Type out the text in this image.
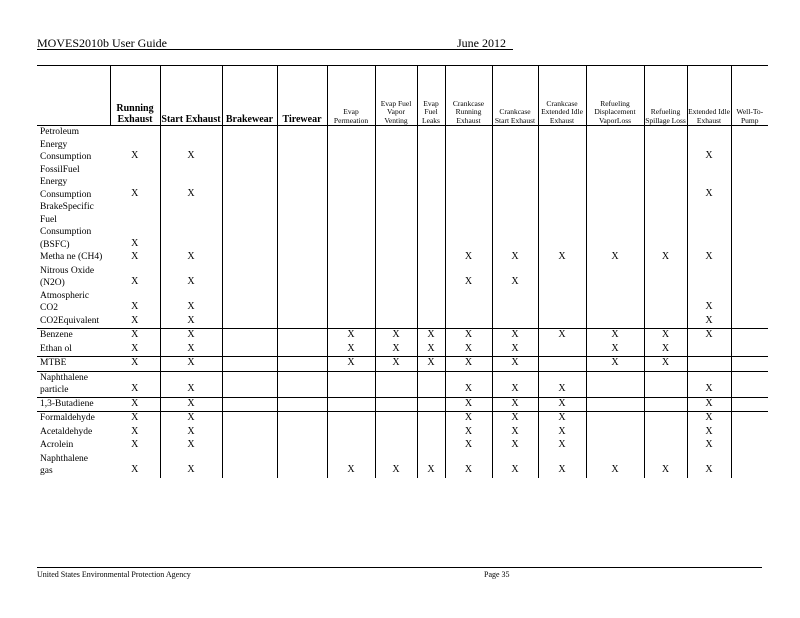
MOVES2010b User Guide	June 2012
	Running Exhaust	Start Exhaust	Brakewear	Tirewear	Evap Permeation	Evap Fuel Vapor Venting	Evap Fuel Leaks	Crankcase Running Exhaust	Crankcase Start Exhaust	Crankcase Extended Idle Exhaust	Refueling Displacement VaporLoss	Refueling Spillage Loss	Extended Idle Exhaust	Well-To-Pump

Petroleum
Energy
Consumption	X	X											X	

FossilFuel
Energy
Consumption	X	X											X	

BrakeSpecific
Fuel
Consumption
(BSFC)	X													

Metha ne (CH4)	X	X						X	X	X	X	X	X	

Nitrous Oxide
(N2O)	X	X						X	X					

Atmospheric
CO2	X	X											X	

CO2Equivalent	X	X											X	

Benzene	X	X			X	X	X	X	X	X	X	X	X	

Ethan ol	X	X			X	X	X	X	X		X	X		

MTBE	X	X			X	X	X	X	X		X	X		

Naphthalene
particle	X	X						X	X	X			X	

1,3-Butadiene	X	X						X	X	X			X	

Formaldehyde	X	X						X	X	X			X	

Acetaldehyde	X	X						X	X	X			X	

Acrolein	X	X						X	X	X			X	

Naphthalene
gas	X	X			X	X	X	X	X	X	X	X	X	
United States Environmental Protection Agency	Page 35
